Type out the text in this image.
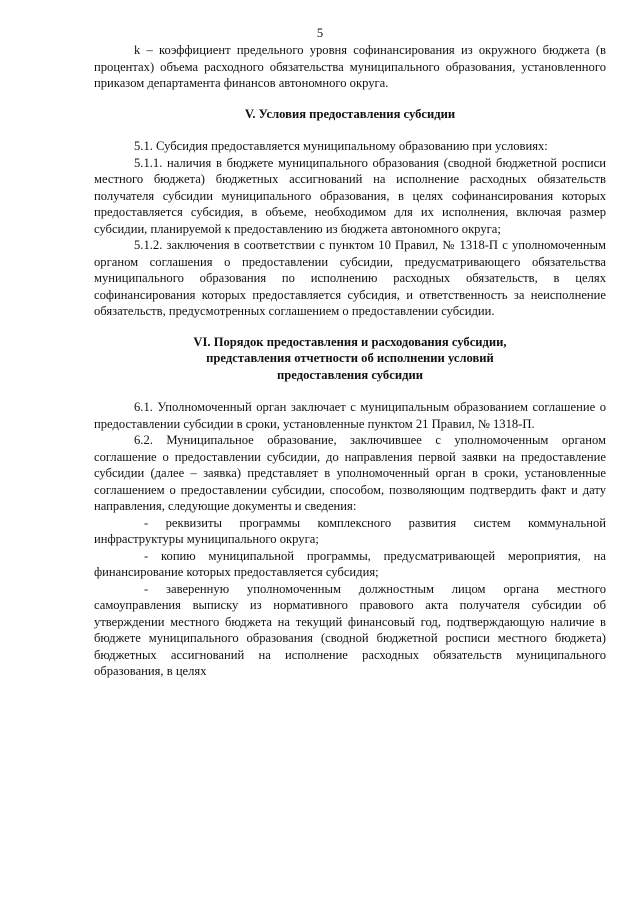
5

k – коэффициент предельного уровня софинансирования из окружного бюджета (в процентах) объема расходного обязательства муниципального образования, установленного приказом департамента финансов автономного округа.

V. Условия предоставления субсидии

5.1. Субсидия предоставляется муниципальному образованию при условиях:

5.1.1. наличия в бюджете муниципального образования (сводной бюджетной росписи местного бюджета) бюджетных ассигнований на исполнение расходных обязательств получателя субсидии муниципального образования, в целях софинансирования которых предоставляется субсидия, в объеме, необходимом для их исполнения, включая размер субсидии, планируемой к предоставлению из бюджета автономного округа;

5.1.2. заключения в соответствии с пунктом 10 Правил, № 1318-П с уполномоченным органом соглашения о предоставлении субсидии, предусматривающего обязательства муниципального образования по исполнению расходных обязательств, в целях софинансирования которых предоставляется субсидия, и ответственность за неисполнение обязательств, предусмотренных соглашением о предоставлении субсидии.

VI. Порядок предоставления и расходования субсидии,
представления отчетности об исполнении условий
предоставления субсидии

6.1. Уполномоченный орган заключает с муниципальным образованием соглашение о предоставлении субсидии в сроки, установленные пунктом 21 Правил, № 1318-П.

6.2. Муниципальное образование, заключившее с уполномоченным органом соглашение о предоставлении субсидии, до направления первой заявки на предоставление субсидии (далее – заявка) представляет в уполномоченный орган в сроки, установленные соглашением о предоставлении субсидии, способом, позволяющим подтвердить факт и дату направления, следующие документы и сведения:

- реквизиты программы комплексного развития систем коммунальной инфраструктуры муниципального округа;

- копию муниципальной программы, предусматривающей мероприятия, на финансирование которых предоставляется субсидия;

- заверенную уполномоченным должностным лицом органа местного самоуправления выписку из нормативного правового акта получателя субсидии об утверждении местного бюджета на текущий финансовый год, подтверждающую наличие в бюджете муниципального образования (сводной бюджетной росписи местного бюджета) бюджетных ассигнований на исполнение расходных обязательств муниципального образования, в целях
